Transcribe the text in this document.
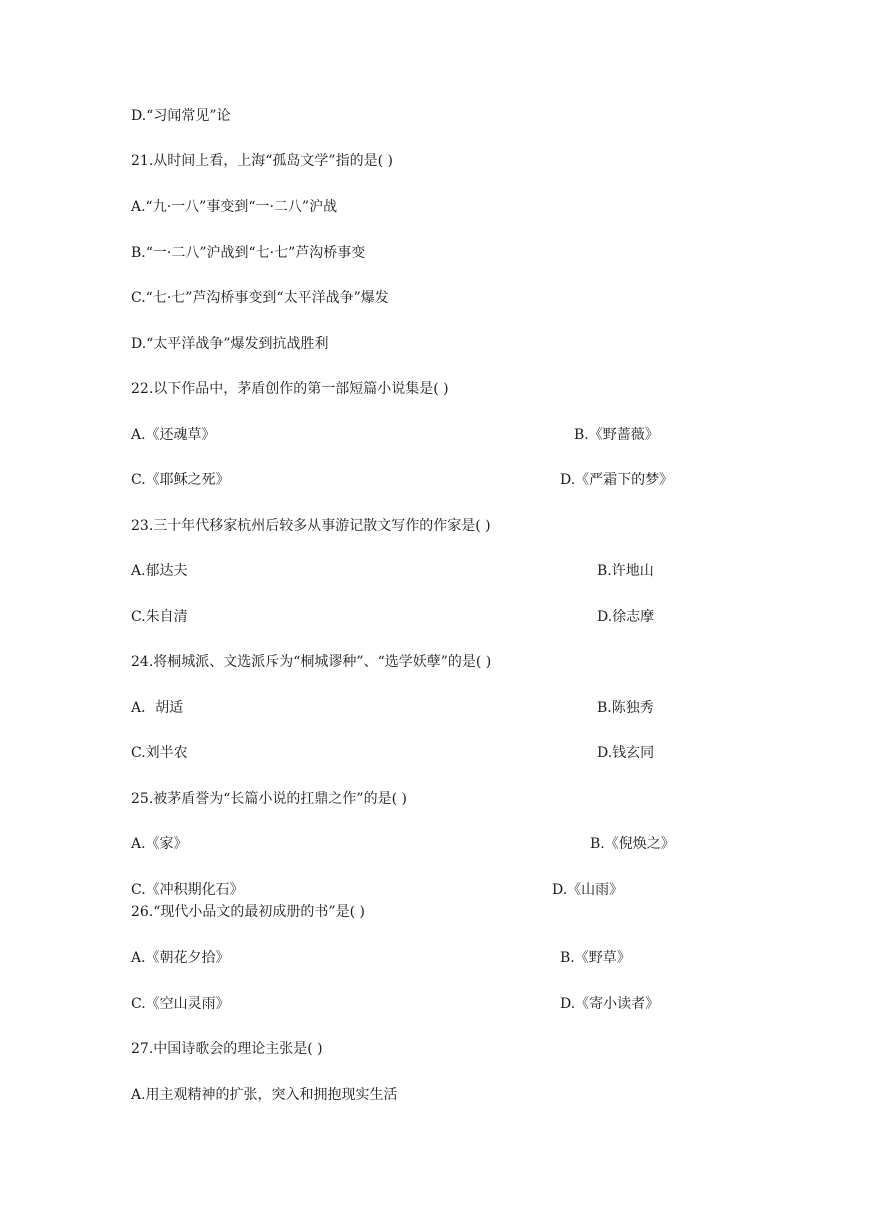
D.“习闻常见”论
21.从时间上看，上海“孤岛文学”指的是( )
A.“九·一八”事变到“一·二八”沪战
B.“一·二八”沪战到“七·七”芦沟桥事变
C.“七·七”芦沟桥事变到“太平洋战争”爆发
D.“太平洋战争”爆发到抗战胜利
22.以下作品中，茅盾创作的第一部短篇小说集是( )
A.《还魂草》	B.《野蔷薇》
C.《耶稣之死》	D.《严霜下的梦》
23.三十年代移家杭州后较多从事游记散文写作的作家是( )
A.郁达夫	B.许地山
C.朱自清	D.徐志摩
24.将桐城派、文选派斥为“桐城谬种”、“选学妖孽”的是( )
A．胡适	B.陈独秀
C.刘半农	D.钱玄同
25.被茅盾誉为“长篇小说的扛鼎之作”的是( )
A.《家》	B.《倪焕之》
C.《冲积期化石》	D.《山雨》
26.“现代小品文的最初成册的书”是( )
A.《朝花夕拾》	B.《野草》
C.《空山灵雨》	D.《寄小读者》
27.中国诗歌会的理论主张是( )
A.用主观精神的扩张，突入和拥抱现实生活
